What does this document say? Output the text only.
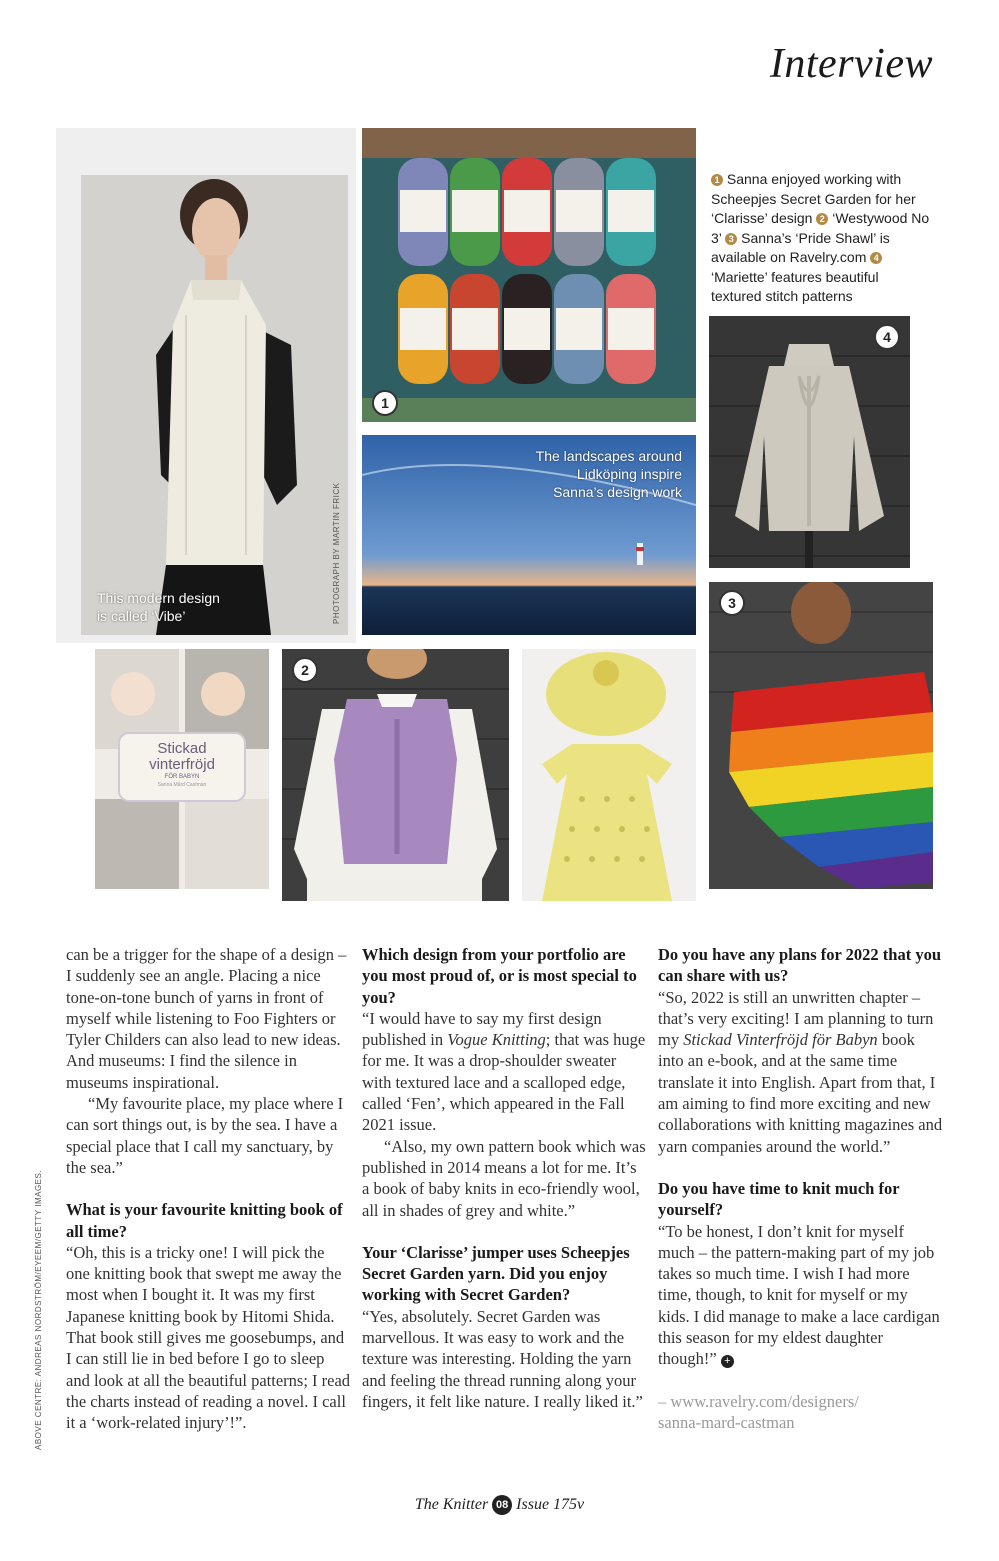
Interview
This modern design
is called ‘Vibe’	PHOTOGRAPH BY MARTIN FRICK
1
The landscapes around
Lidköping inspire
Sanna’s design work
1 Sanna enjoyed working with Scheepjes Secret Garden for her ‘Clarisse’ design 2 ‘Westywood No 3’ 3 Sanna’s ‘Pride Shawl’ is available on Ravelry.com 4 ‘Mariette’ features beautiful textured stitch patterns
4
3
Stickad
vinterfröjd
FÖR BABYN
Sanna Mård Castman
2
ABOVE CENTRE: ANDREAS NORDSTRÖM/EYEEM/GETTY IMAGES.

can be a trigger for the shape of a design – I suddenly see an angle. Placing a nice tone-on-tone bunch of yarns in front of myself while listening to Foo Fighters or Tyler Childers can also lead to new ideas. And museums: I find the silence in museums inspirational.

“My favourite place, my place where I can sort things out, is by the sea. I have a special place that I call my sanctuary, by the sea.”

What is your favourite knitting book of all time?

“Oh, this is a tricky one! I will pick the one knitting book that swept me away the most when I bought it. It was my first Japanese knitting book by Hitomi Shida. That book still gives me goosebumps, and I can still lie in bed before I go to sleep and look at all the beautiful patterns; I read the charts instead of reading a novel. I call it a ‘work-related injury’!”.

Which design from your portfolio are you most proud of, or is most special to you?

“I would have to say my first design published in Vogue Knitting; that was huge for me. It was a drop-shoulder sweater with textured lace and a scalloped edge, called ‘Fen’, which appeared in the Fall 2021 issue.

“Also, my own pattern book which was published in 2014 means a lot for me. It’s a book of baby knits in eco-friendly wool, all in shades of grey and white.”

Your ‘Clarisse’ jumper uses Scheepjes Secret Garden yarn. Did you enjoy working with Secret Garden?

“Yes, absolutely. Secret Garden was marvellous. It was easy to work and the texture was interesting. Holding the yarn and feeling the thread running along your fingers, it felt like nature. I really liked it.”

Do you have any plans for 2022 that you can share with us?

“So, 2022 is still an unwritten chapter – that’s very exciting! I am planning to turn my Stickad Vinterfröjd för Babyn book into an e-book, and at the same time translate it into English. Apart from that, I am aiming to find more exciting and new collaborations with knitting magazines and yarn companies around the world.”

Do you have time to knit much for yourself?

“To be honest, I don’t knit for myself much – the pattern-making part of my job takes so much time. I wish I had more time, though, to knit for myself or my kids. I did manage to make a lace cardigan this season for my eldest daughter though!” +

– www.ravelry.com/designers/
sanna-mard-castman

The Knitter 08 Issue 175v
